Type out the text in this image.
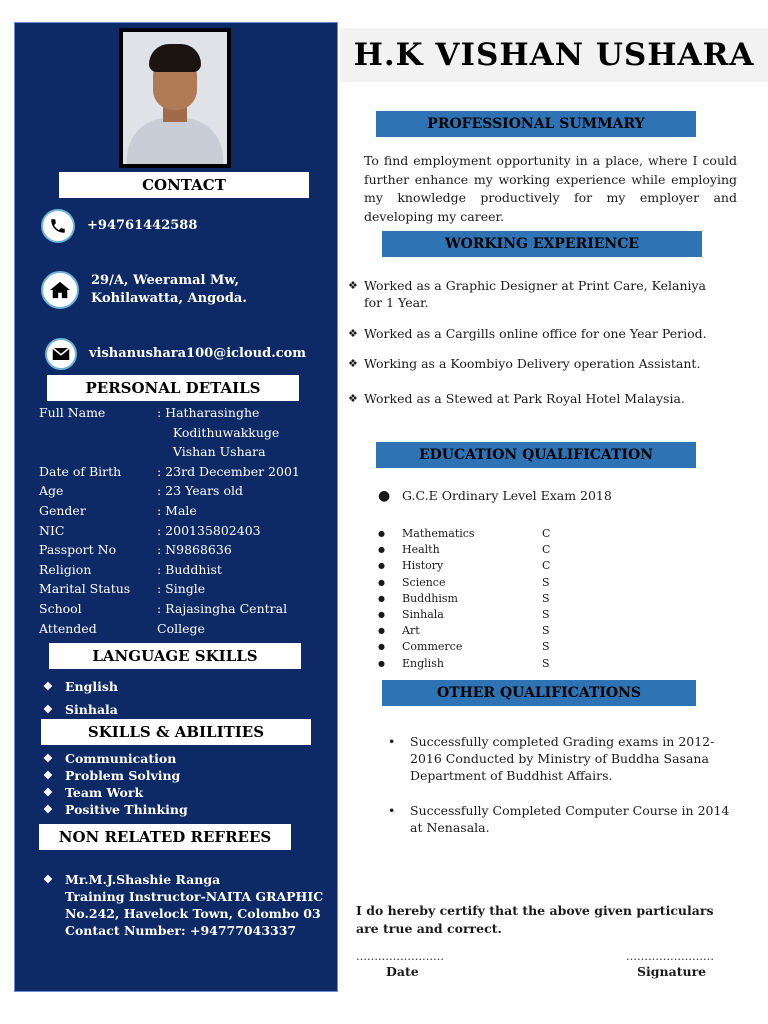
CONTACT
+94761442588
29/A, Weeramal Mw,
Kohilawatta, Angoda.
vishanushara100@icloud.com
PERSONAL DETAILS
Full Name	: Hatharasinghe
Kodithuwakkuge
Vishan Ushara
Date of Birth	: 23rd December 2001
Age	: 23 Years old
Gender	: Male
NIC	: 200135802403
Passport No	: N9868636
Religion	: Buddhist
Marital Status	: Single
School	: Rajasingha Central
Attended	College
LANGUAGE SKILLS
❖ English
❖ Sinhala
SKILLS & ABILITIES
❖ Communication
❖ Problem Solving
❖ Team Work
❖ Positive Thinking
NON RELATED REFREES
❖ Mr.M.J.Shashie Ranga
Training Instructor-NAITA GRAPHIC
No.242, Havelock Town, Colombo 03
Contact Number: +94777043337
H.K VISHAN USHARA
PROFESSIONAL SUMMARY
To find employment opportunity in a place, where I could further enhance my working experience while employing my knowledge productively for my employer and developing my career.
WORKING EXPERIENCE
❖ Worked as a Graphic Designer at Print Care, Kelaniya for 1 Year.
❖ Worked as a Cargills online office for one Year Period.
❖ Working as a Koombiyo Delivery operation Assistant.
❖ Worked as a Stewed at Park Royal Hotel Malaysia.
EDUCATION QUALIFICATION
● G.C.E Ordinary Level Exam 2018
●	Mathematics	C
●	Health	C
●	History	C
●	Science	S
●	Buddhism	S
●	Sinhala	S
●	Art	S
●	Commerce	S
●	English	S
OTHER QUALIFICATIONS
•	Successfully completed Grading exams in 2012-2016 Conducted by Ministry of Buddha Sasana Department of Buddhist Affairs.
•	Successfully Completed Computer Course in 2014 at Nenasala.
I do hereby certify that the above given particulars are true and correct.
……………………
Date
……………………
Signature
